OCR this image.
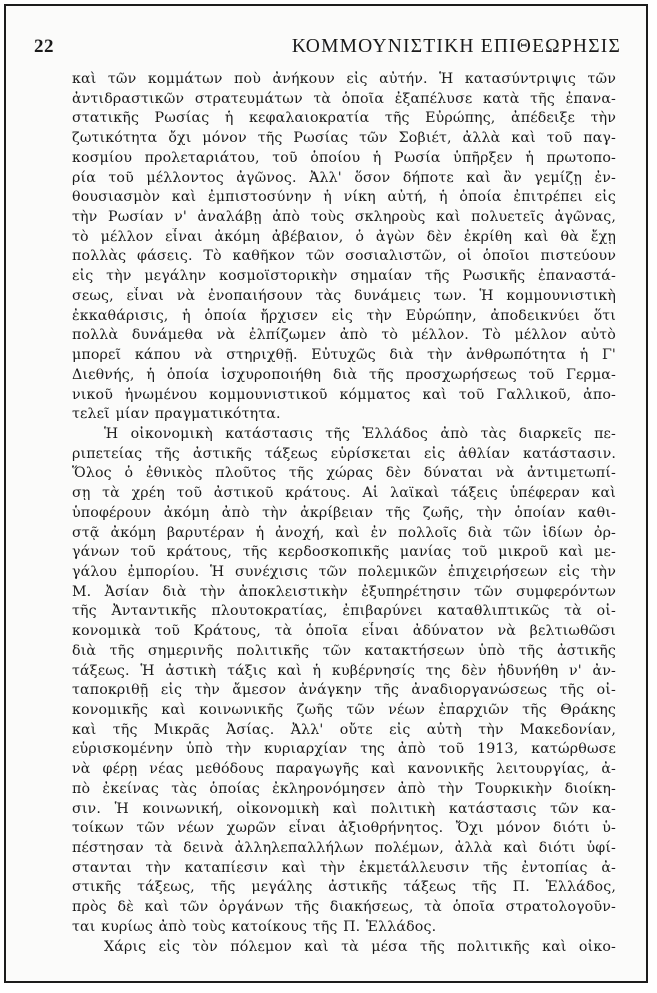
22	ΚΟΜΜΟΥΝΙΣΤΙΚΗ ΕΠΙΘΕΩΡΗΣΙΣ
καὶ τῶν κομμάτων ποὺ ἀνήκουν εἰς αὐτήν. Ἡ κατασύντριψις τῶν
ἀντιδραστικῶν στρατευμάτων τὰ ὁποῖα ἐξαπέλυσε κατὰ τῆς ἐπανα-
στατικῆς Ρωσίας ἡ κεφαλαιοκρατία τῆς Εὐρώπης, ἀπέδειξε τὴν
ζωτικότητα ὄχι μόνον τῆς Ρωσίας τῶν Σοβιέτ, ἀλλὰ καὶ τοῦ παγ-
κοσμίου προλεταριάτου, τοῦ ὁποίου ἡ Ρωσία ὑπῆρξεν ἡ πρωτοπο-
ρία τοῦ μέλλοντος ἀγῶνος. Ἀλλ' ὅσον δήποτε καὶ ἂν γεμίζῃ ἐν-
θουσιασμὸν καὶ ἐμπιστοσύνην ἡ νίκη αὐτή, ἡ ὁποία ἐπιτρέπει εἰς
τὴν Ρωσίαν ν' ἀναλάβῃ ἀπὸ τοὺς σκληροὺς καὶ πολυετεῖς ἀγῶνας,
τὸ μέλλον εἶναι ἀκόμη ἀβέβαιον, ὁ ἀγὼν δὲν ἐκρίθη καὶ θὰ ἔχῃ
πολλὰς φάσεις. Τὸ καθῆκον τῶν σοσιαλιστῶν, οἱ ὁποῖοι πιστεύουν
εἰς τὴν μεγάλην κοσμοϊστορικὴν σημαίαν τῆς Ρωσικῆς ἐπαναστά-
σεως, εἶναι νὰ ἐνοπαιήσουν τὰς δυνάμεις των. Ἡ κομμουνιστικὴ
ἐκκαθάρισις, ἡ ὁποία ἤρχισεν εἰς τὴν Εὐρώπην, ἀποδεικνύει ὅτι
πολλὰ δυνάμεθα νὰ ἐλπίζωμεν ἀπὸ τὸ μέλλον. Τὸ μέλλον αὐτὸ
μπορεῖ κάπου νὰ στηριχθῇ. Εὐτυχῶς διὰ τὴν ἀνθρωπότητα ἡ Γ'
Διεθνής, ἡ ὁποία ἰσχυροποιήθη διὰ τῆς προσχωρήσεως τοῦ Γερμα-
νικοῦ ἡνωμένου κομμουνιστικοῦ κόμματος καὶ τοῦ Γαλλικοῦ, ἀπο-
τελεῖ μίαν πραγματικότητα.
Ἡ οἰκονομικὴ κατάστασις τῆς Ἑλλάδος ἀπὸ τὰς διαρκεῖς πε-
ριπετείας τῆς ἀστικῆς τάξεως εὑρίσκεται εἰς ἀθλίαν κατάστασιν.
Ὅλος ὁ ἐθνικὸς πλοῦτος τῆς χώρας δὲν δύναται νὰ ἀντιμετωπί-
σῃ τὰ χρέη τοῦ ἀστικοῦ κράτους. Αἱ λαϊκαὶ τάξεις ὑπέφεραν καὶ
ὑποφέρουν ἀκόμη ἀπὸ τὴν ἀκρίβειαν τῆς ζωῆς, τὴν ὁποίαν καθι-
στᾷ ἀκόμη βαρυτέραν ἡ ἀνοχή, καὶ ἐν πολλοῖς διὰ τῶν ἰδίων ὀρ-
γάνων τοῦ κράτους, τῆς κερδοσκοπικῆς μανίας τοῦ μικροῦ καὶ με-
γάλου ἐμπορίου. Ἡ συνέχισις τῶν πολεμικῶν ἐπιχειρήσεων εἰς τὴν
Μ. Ἀσίαν διὰ τὴν ἀποκλειστικὴν ἐξυπηρέτησιν τῶν συμφερόντων
τῆς Ἀνταντικῆς πλουτοκρατίας, ἐπιβαρύνει καταθλιπτικῶς τὰ οἰ-
κονομικὰ τοῦ Κράτους, τὰ ὁποῖα εἶναι ἀδύνατον νὰ βελτιωθῶσι
διὰ τῆς σημερινῆς πολιτικῆς τῶν κατακτήσεων ὑπὸ τῆς ἀστικῆς
τάξεως. Ἡ ἀστικὴ τάξις καὶ ἡ κυβέρνησίς της δὲν ἠδυνήθη ν' ἀν-
ταποκριθῇ εἰς τὴν ἄμεσον ἀνάγκην τῆς ἀναδιοργανώσεως τῆς οἰ-
κονομικῆς καὶ κοινωνικῆς ζωῆς τῶν νέων ἐπαρχιῶν τῆς Θράκης
καὶ τῆς Μικρᾶς Ἀσίας. Ἀλλ' οὔτε εἰς αὐτὴ τὴν Μακεδονίαν,
εὑρισκομένην ὑπὸ τὴν κυριαρχίαν της ἀπὸ τοῦ 1913, κατώρθωσε
νὰ φέρῃ νέας μεθόδους παραγωγῆς καὶ κανονικῆς λειτουργίας, ἀ-
πὸ ἐκείνας τὰς ὁποίας ἐκληρονόμησεν ἀπὸ τὴν Τουρκικὴν διοίκη-
σιν. Ἡ κοινωνική, οἰκονομικὴ καὶ πολιτικὴ κατάστασις τῶν κα-
τοίκων τῶν νέων χωρῶν εἶναι ἀξιοθρήνητος. Ὄχι μόνον διότι ὑ-
πέστησαν τὰ δεινὰ ἀλληλεπαλλήλων πολέμων, ἀλλὰ καὶ διότι ὑφί-
στανται τὴν καταπίεσιν καὶ τὴν ἐκμετάλλευσιν τῆς ἐντοπίας ἀ-
στικῆς τάξεως, τῆς μεγάλης ἀστικῆς τάξεως τῆς Π. Ἑλλάδος,
πρὸς δὲ καὶ τῶν ὀργάνων τῆς διακήσεως, τὰ ὁποῖα στρατολογοῦν-
ται κυρίως ἀπὸ τοὺς κατοίκους τῆς Π. Ἑλλάδος.
Χάρις εἰς τὸν πόλεμον καὶ τὰ μέσα τῆς πολιτικῆς καὶ οἰκο-
